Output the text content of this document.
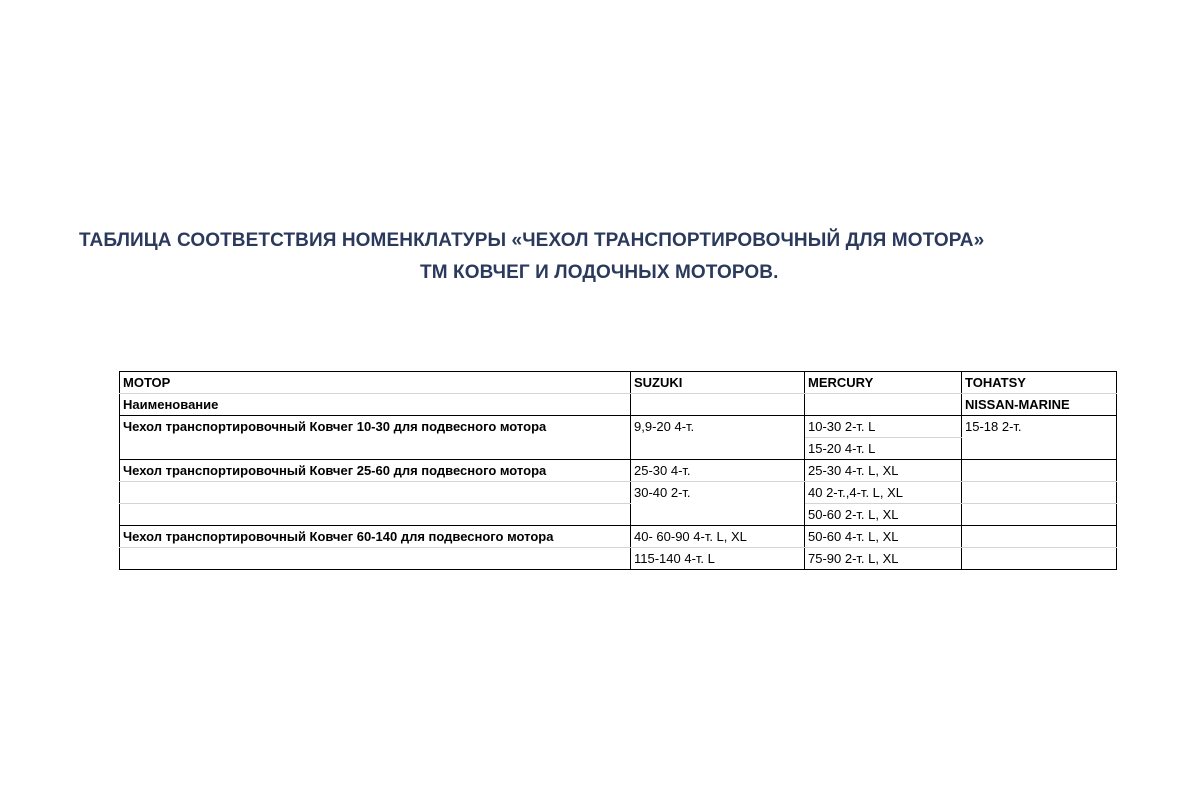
ТАБЛИЦА СООТВЕТСТВИЯ НОМЕНКЛАТУРЫ «ЧЕХОЛ ТРАНСПОРТИРОВОЧНЫЙ ДЛЯ МОТОРА»
ТМ КОВЧЕГ И ЛОДОЧНЫХ МОТОРОВ.
МОТОР	SUZUKI	MERCURY	TOHATSY
Наименование			NISSAN-MARINE
Чехол транспортировочный Ковчег 10-30 для подвесного мотора	9,9-20 4-т.	10-30 2-т. L	15-18 2-т.
		15-20 4-т. L	
Чехол транспортировочный Ковчег 25-60 для подвесного мотора	25-30 4-т.	25-30 4-т. L, XL	
	30-40 2-т.	40 2-т.,4-т. L, XL	
		50-60 2-т. L, XL	
Чехол транспортировочный Ковчег 60-140 для подвесного мотора	40- 60-90 4-т. L, XL	50-60 4-т. L, XL	
	115-140 4-т. L	75-90 2-т. L, XL	
